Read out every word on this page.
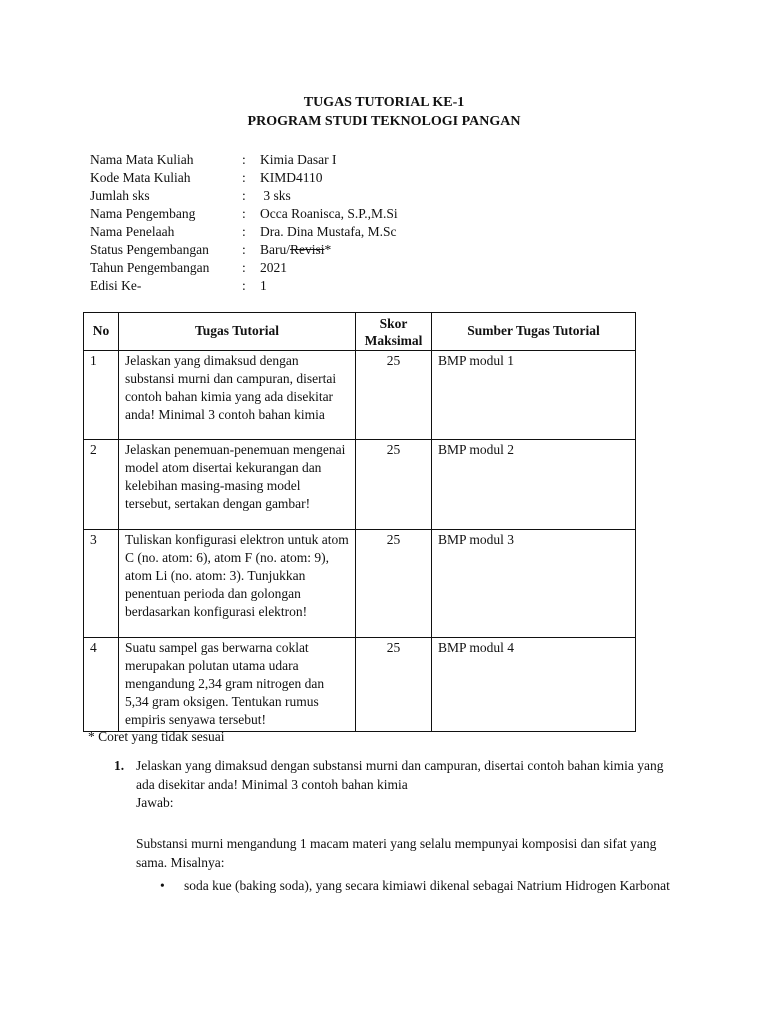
TUGAS TUTORIAL KE-1
PROGRAM STUDI TEKNOLOGI PANGAN
Nama Mata Kuliah	: Kimia Dasar I
Kode Mata Kuliah	: KIMD4110
Jumlah sks	: 3 sks
Nama Pengembang	: Occa Roanisca, S.P.,M.Si
Nama Penelaah	: Dra. Dina Mustafa, M.Sc
Status Pengembangan	: Baru/Revisi*
Tahun Pengembangan	: 2021
Edisi Ke-	: 1
No	Tugas Tutorial	Skor Maksimal	Sumber Tugas Tutorial
1	Jelaskan yang dimaksud dengan substansi murni dan campuran, disertai contoh bahan kimia yang ada disekitar anda! Minimal 3 contoh bahan kimia	25	BMP modul 1
2	Jelaskan penemuan-penemuan mengenai model atom disertai kekurangan dan kelebihan masing-masing model tersebut, sertakan dengan gambar!	25	BMP modul 2
3	Tuliskan konfigurasi elektron untuk atom C (no. atom: 6), atom F (no. atom: 9), atom Li (no. atom: 3). Tunjukkan penentuan perioda dan golongan berdasarkan konfigurasi elektron!	25	BMP modul 3
4	Suatu sampel gas berwarna coklat merupakan polutan utama udara mengandung 2,34 gram nitrogen dan 5,34 gram oksigen. Tentukan rumus empiris senyawa tersebut!	25	BMP modul 4
* Coret yang tidak sesuai
1. Jelaskan yang dimaksud dengan substansi murni dan campuran, disertai contoh bahan kimia yang ada disekitar anda! Minimal 3 contoh bahan kimia
Jawab:
Substansi murni mengandung 1 macam materi yang selalu mempunyai komposisi dan sifat yang sama. Misalnya:
• soda kue (baking soda), yang secara kimiawi dikenal sebagai Natrium Hidrogen Karbonat
